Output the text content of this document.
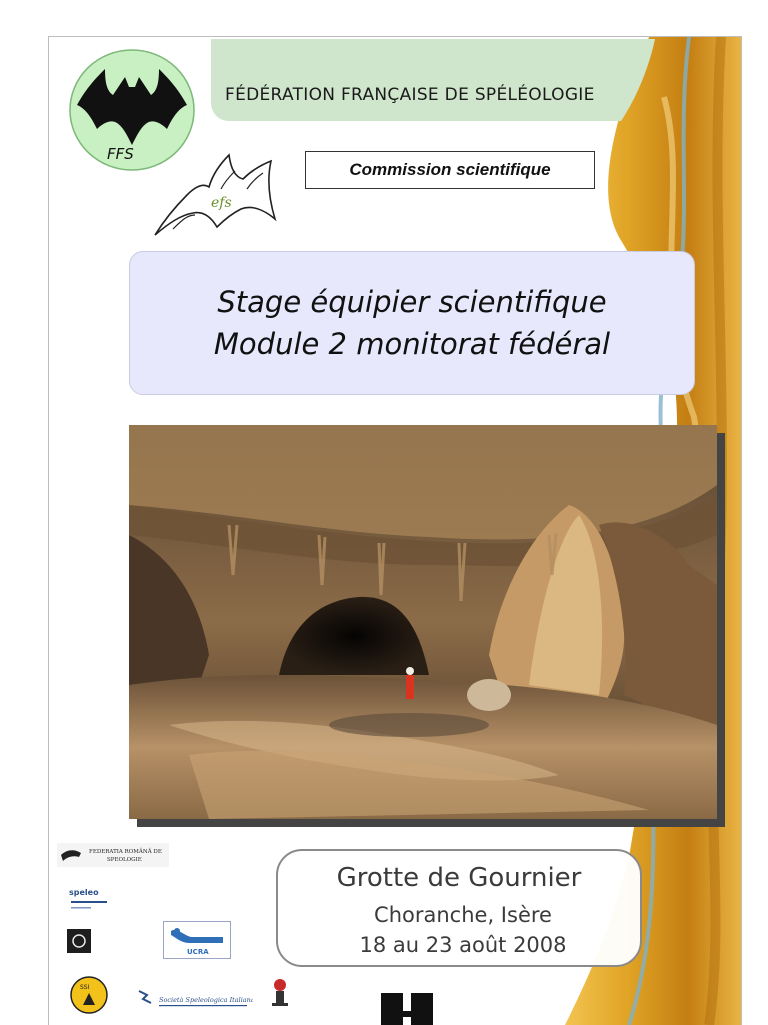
FÉDÉRATION FRANÇAISE DE SPÉLÉOLOGIE
FFS
efs
Commission scientifique
Stage équipier scientifique
Module 2 monitorat fédéral
Grotte de Gournier
Choranche, Isère
18 au 23 août 2008
FEDERATIA ROMÂNĂ DE
SPEOLOGIE
speleo
UCRA
SSI
Società Speleologica Italiana
